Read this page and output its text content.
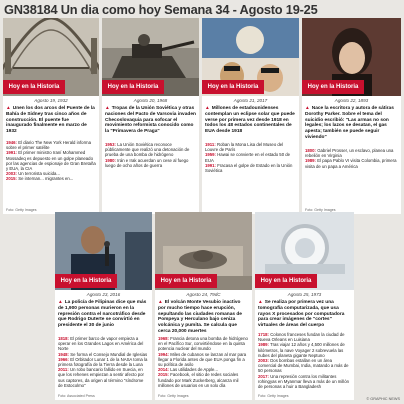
GN38184 Un dia como hoy Semana 34 - Agosto 19-25
Hoy en la Historia
Agosto 19, 1932
▲ Unen los dos arcos del Puente de la Bahía de Sidney tras cinco años de construcción. El puente fue inaugurado finalmente en marzo de 1932
1946: El diario The New York Herald informa sobre el primer satélite
1991: El primer ministro Iraní Mohammed Mossadeq es depuesto en un golpe planeado por las agencias de espionaje de Gran Bretaña y EUA, la CIA
2003: Un terrorista suicida...
2015: Se internan... migrantes en...
Foto: Getty Images
Hoy en la Historia
Agosto 20, 1968
▲ Tropas de la Unión Soviética y otras naciones del Pacto de Varsovia invaden Checoslovaquia para sofocar el movimiento reformista conocido como la "Primavera de Praga"
1953: La Unión Soviética reconoce públicamente que realizó una detonación de prueba de una bomba de hidrógeno
1980: Irán e Irak acuerdan un cese al fuego luego de ocho años de guerra
Hoy en la Historia
Agosto 21, 2017
▲ Millones de estadounidenses contemplan un eclipse solar que puede verse por primera vez desde 1918 en todos los 48 estados continentales de EUA desde 1918
1911: Roban la Mona Lisa del Museo del Louvre de París
1959: Hawai se convierte en el estado 50 de EUA
1991: Fracasa el golpe de Estado en la Unión Soviética
Hoy en la Historia
Agosto 22, 1893
▲ Nace la escritora y autora de sátiras Dorothy Parker. Sobre el tema del suicidio escribió: "Las armas no son legales; los lazos se desatan, el gas apesta; también se puede seguir viviendo"
1800: Gabriel Prosser, un esclavo, planea una rebelión en Virginia
1989: El papa Pablo VI visita Colombia, primera visita de un papa a América
Foto: Getty Images
Hoy en la Historia
Agosto 23, 2016
▲ La policía de Filipinas dice que más de 1,900 personas murieron en la represión contra el narcotráfico desde que Rodrigo Duterte se convirtió en presidente el 30 de junio
1818: El primer barco de vapor empieza a operar en los Grandes Lagos en América del Norte
1948: Se forma el Consejo Mundial de Iglesias
1966: El Orbitador Lunar 1 de la NASA toma la primera fotografía de la Tierra desde la Luna
2011: Un robo bancario fallido en Suecia, en que los rehenes empiezan a sentir afecto por sus captores, da origen al término "síndrome de Estocolmo"
Foto: Associated Press
Hoy en la Historia
Agosto 24, 79dC
▲ El volcán Monte Vesubio inactivo por mucho tiempo hace erupción, sepultando las ciudades romanas de Pompeya y Herculano bajo ceniza volcánica y pumita. Se calcula que cerca 20,000 muertes
1968: Francia detona una bomba de hidrógeno en el Pacífico Sur, convirtiéndose en la quinta potencia nuclear del mundo
1994: Miles de cubanos se lanzan al mar para llegar a Florida antes de que EUA ponga fin a su política de asilo
2014: Las utilidades de Apple...
2015: Facebook, el sitio de redes sociales fundado por Mark Zuckerberg, alcanza mil millones de usuarios en un solo día
Foto: Getty Images
Hoy en la Historia
Agosto 25, 1973
▲ Se realiza por primera vez una tomografía computarizada, que usa rayos X procesados por computadora para crear imágenes de "cortes" virtuales de áreas del cuerpo
1718: Colonos franceses fundan la ciudad de Nueva Orleans en Luisiana
1989: Tras viajar 12 años y 4,500 millones de kilómetros, la nave Voyager 2 sobrevuela las nubes del planeta gigante Neptuno
2003: Dos bombas estallan en un área comercial de Mumbai, India, matando a más de 50 personas
2017: Una represión contra los militantes rohingyas en Myanmar lleva a más de un millón de personas a huir a Bangladesh
Foto: Getty Images
© GRAPHIC NEWS
